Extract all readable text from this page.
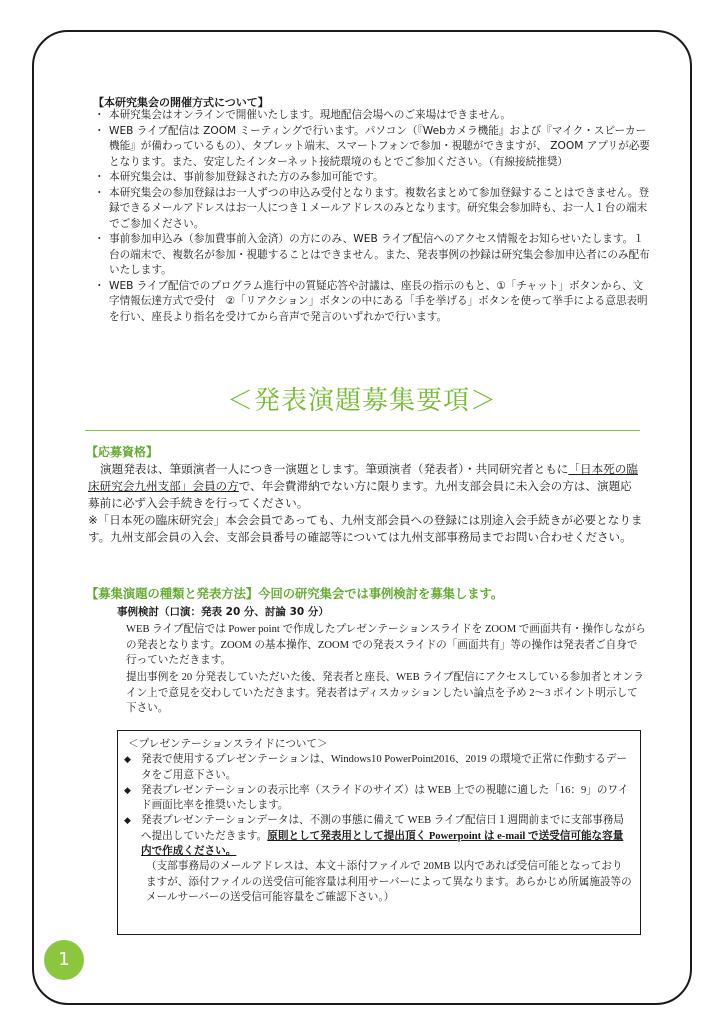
【本研究集会の開催方式について】
・ 本研究集会はオンラインで開催いたします。現地配信会場へのご来場はできません。
・ WEB ライブ配信は ZOOM ミーティングで行います。パソコン（『Webカメラ機能』および『マイク・スピーカー機能』が備わっているもの）、タブレット端末、スマートフォンで参加・視聴ができますが、 ZOOM アプリが必要となります。また、安定したインターネット接続環境のもとでご参加ください。（有線接続推奨）
・ 本研究集会は、事前参加登録された方のみ参加可能です。
・ 本研究集会の参加登録はお一人ずつの申込み受付となります。複数名まとめて参加登録することはできません。登録できるメールアドレスはお一人につき１メールアドレスのみとなります。研究集会参加時も、お一人１台の端末でご参加ください。
・ 事前参加申込み（参加費事前入金済）の方にのみ、WEB ライブ配信へのアクセス情報をお知らせいたします。１台の端末で、複数名が参加・視聴することはできません。また、発表事例の抄録は研究集会参加申込者にのみ配布いたします。
・ WEB ライブ配信でのプログラム進行中の質疑応答や討議は、座長の指示のもと、①「チャット」ボタンから、文字情報伝達方式で受付　②「リアクション」ボタンの中にある「手を挙げる」ボタンを使って挙手による意思表明を行い、座長より指名を受けてから音声で発言のいずれかで行います。
＜発表演題募集要項＞
【応募資格】

演題発表は、筆頭演者一人につき一演題とします。筆頭演者（発表者）・共同研究者ともに「日本死の臨床研究会九州支部」会員の方で、年会費滞納でない方に限ります。九州支部会員に未入会の方は、演題応募前に必ず入会手続きを行ってください。

※「日本死の臨床研究会」本会会員であっても、九州支部会員への登録には別途入会手続きが必要となります。九州支部会員の入会、支部会員番号の確認等については九州支部事務局までお問い合わせください。

【募集演題の種類と発表方法】今回の研究集会では事例検討を募集します。
事例検討（口演：発表 20 分、討論 30 分）

WEB ライブ配信では Power point で作成したプレゼンテーションスライドを ZOOM で画面共有・操作しながらの発表となります。ZOOM の基本操作、ZOOM での発表スライドの「画面共有」等の操作は発表者ご自身で行っていただきます。

提出事例を 20 分発表していただいた後、発表者と座長、WEB ライブ配信にアクセスしている参加者とオンライン上で意見を交わしていただきます。発表者はディスカッションしたい論点を予め 2～3 ポイント明示して下さい。

＜プレゼンテーションスライドについて＞
◆ 発表で使用するプレゼンテーションは、Windows10 PowerPoint2016、2019 の環境で正常に作動するデータをご用意下さい。
◆ 発表プレゼンテーションの表示比率（スライドのサイズ）は WEB 上での視聴に適した「16：9」のワイド画面比率を推奨いたします。
◆ 発表プレゼンテーションデータは、不測の事態に備えて WEB ライブ配信日１週間前までに支部事務局へ提出していただきます。原則として発表用として提出頂く Powerpoint は e-mail で送受信可能な容量内で作成ください。
（支部事務局のメールアドレスは、本文＋添付ファイルで 20MB 以内であれば受信可能となっておりますが、添付ファイルの送受信可能容量は利用サーバーによって異なります。あらかじめ所属施設等のメールサーバーの送受信可能容量をご確認下さい。）
1
